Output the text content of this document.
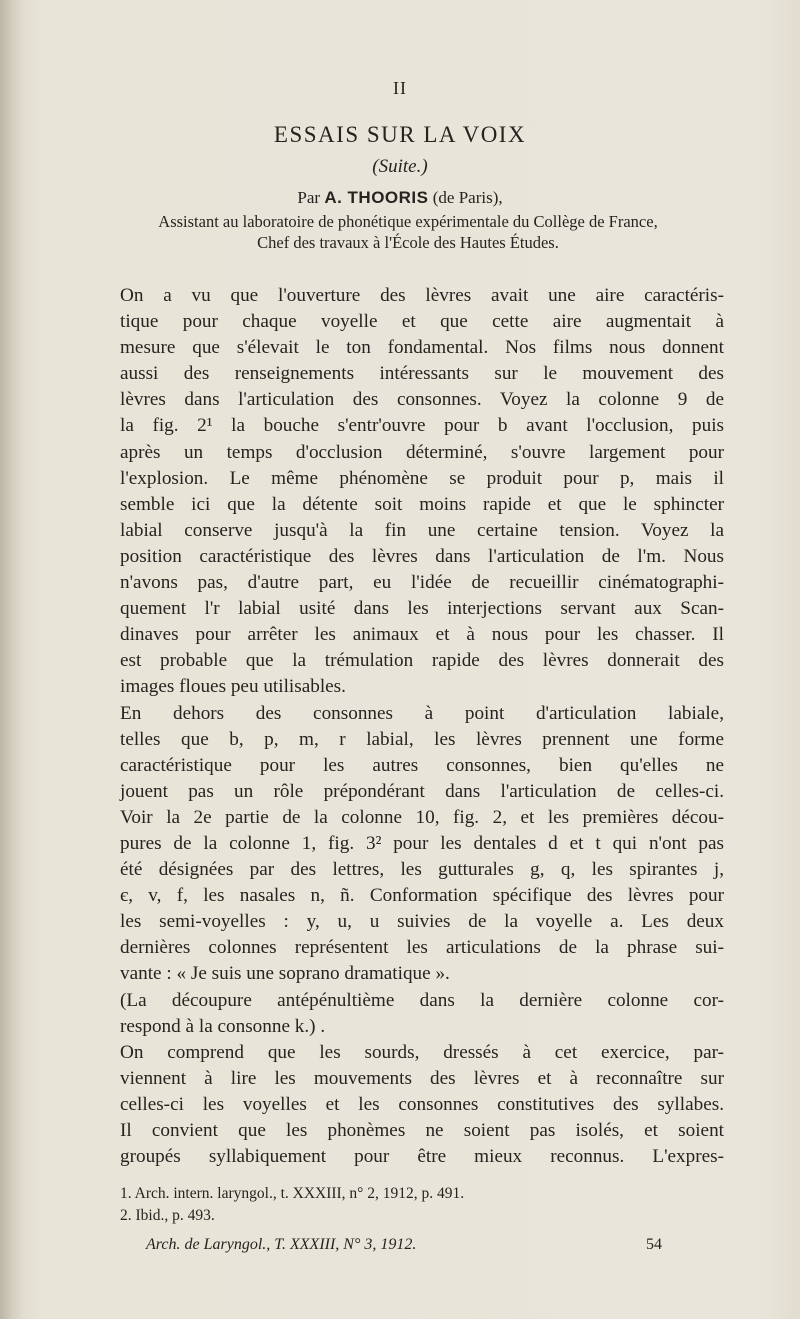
II
ESSAIS SUR LA VOIX
(Suite.)
Par A. THOORIS (de Paris),
Assistant au laboratoire de phonétique expérimentale du Collège de France,
Chef des travaux à l'École des Hautes Études.
On a vu que l'ouverture des lèvres avait une aire caractéris-
tique pour chaque voyelle et que cette aire augmentait à
mesure que s'élevait le ton fondamental. Nos films nous donnent
aussi des renseignements intéressants sur le mouvement des
lèvres dans l'articulation des consonnes. Voyez la colonne 9 de
la fig. 2¹ la bouche s'entr'ouvre pour b avant l'occlusion, puis
après un temps d'occlusion déterminé, s'ouvre largement pour
l'explosion. Le même phénomène se produit pour p, mais il
semble ici que la détente soit moins rapide et que le sphincter
labial conserve jusqu'à la fin une certaine tension. Voyez la
position caractéristique des lèvres dans l'articulation de l'm. Nous
n'avons pas, d'autre part, eu l'idée de recueillir cinématographi-
quement l'r labial usité dans les interjections servant aux Scan-
dinaves pour arrêter les animaux et à nous pour les chasser. Il
est probable que la trémulation rapide des lèvres donnerait des
images floues peu utilisables.
En dehors des consonnes à point d'articulation labiale,
telles que b, p, m, r labial, les lèvres prennent une forme
caractéristique pour les autres consonnes, bien qu'elles ne
jouent pas un rôle prépondérant dans l'articulation de celles-ci.
Voir la 2e partie de la colonne 10, fig. 2, et les premières décou-
pures de la colonne 1, fig. 3² pour les dentales d et t qui n'ont pas
été désignées par des lettres, les gutturales g, q, les spirantes j,
є, v, f, les nasales n, ñ. Conformation spécifique des lèvres pour
les semi-voyelles : y, u, u suivies de la voyelle a. Les deux
dernières colonnes représentent les articulations de la phrase sui-
vante : « Je suis une soprano dramatique ».
(La découpure antépénultième dans la dernière colonne cor-
respond à la consonne k.) .
On comprend que les sourds, dressés à cet exercice, par-
viennent à lire les mouvements des lèvres et à reconnaître sur
celles-ci les voyelles et les consonnes constitutives des syllabes.
Il convient que les phonèmes ne soient pas isolés, et soient
groupés syllabiquement pour être mieux reconnus. L'expres-
1. Arch. intern. laryngol., t. XXXIII, n° 2, 1912, p. 491.
2. Ibid., p. 493.
Arch. de Laryngol., T. XXXIII, N° 3, 1912.	54
